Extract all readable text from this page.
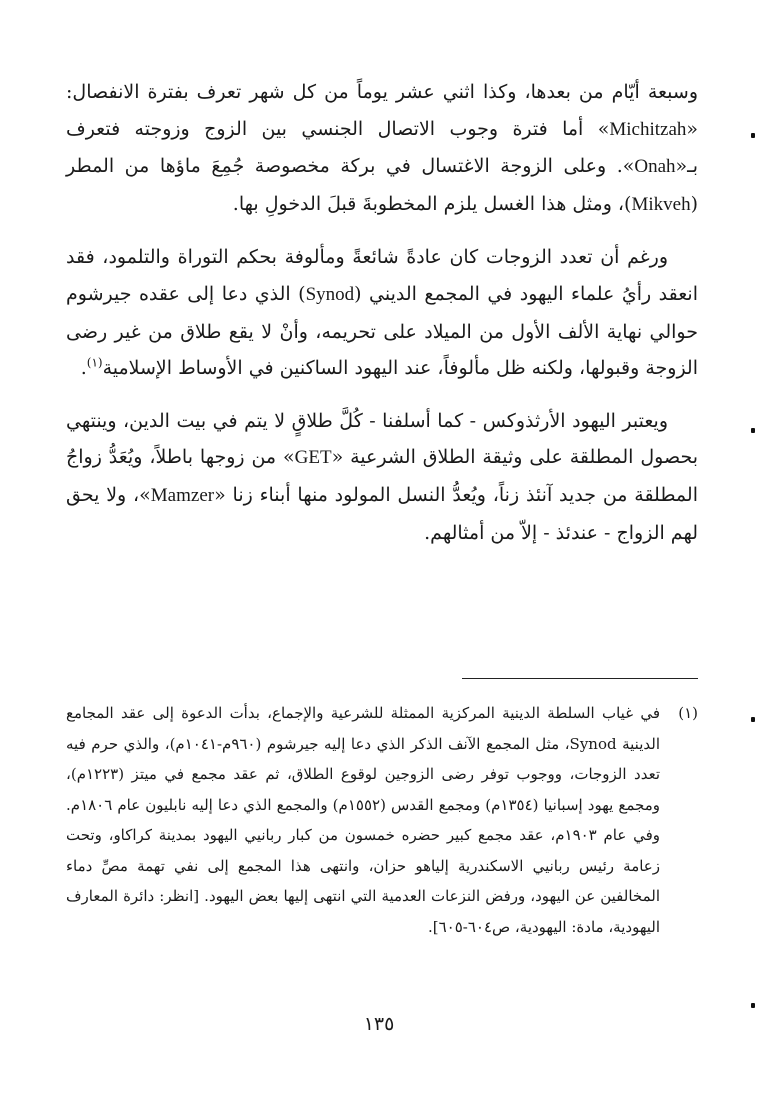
وسبعة أيّام من بعدها، وكذا اثني عشر يوماً من كل شهر تعرف بفترة الانفصال: «Michitzah» أما فترة وجوب الاتصال الجنسي بين الزوج وزوجته فتعرف بـ«Onah». وعلى الزوجة الاغتسال في بركة مخصوصة جُمِعَ ماؤها من المطر (Mikveh)، ومثل هذا الغسل يلزم المخطوبةَ قبلَ الدخولِ بها.

ورغم أن تعدد الزوجات كان عادةً شائعةً ومألوفة بحكم التوراة والتلمود، فقد انعقد رأيُ علماء اليهود في المجمع الديني (Synod) الذي دعا إلى عقده جيرشوم حوالي نهاية الألف الأول من الميلاد على تحريمه، وأنْ لا يقع طلاق من غير رضى الزوجة وقبولها، ولكنه ظل مألوفاً، عند اليهود الساكنين في الأوساط الإسلامية$^{(١)}$.

ويعتبر اليهود الأرثذوكس - كما أسلفنا - كُلَّ طلاقٍ لا يتم في بيت الدين، وينتهي بحصول المطلقة على وثيقة الطلاق الشرعية «GET» من زوجها باطلاً، ويُعَدُّ زواجُ المطلقة من جديد آنئذ زناً، ويُعدُّ النسل المولود منها أبناء زنا «Mamzer»، ولا يحق لهم الزواج - عندئذ - إلاّ من أمثالهم.

(١)
في غياب السلطة الدينية المركزية الممثلة للشرعية والإجماع، بدأت الدعوة إلى عقد المجامع الدينية Synod، مثل المجمع الآنف الذكر الذي دعا إليه جيرشوم (٩٦٠م-١٠٤١م)، والذي حرم فيه تعدد الزوجات، ووجوب توفر رضى الزوجين لوقوع الطلاق، ثم عقد مجمع في ميتز (١٢٢٣م)، ومجمع يهود إسبانيا (١٣٥٤م) ومجمع القدس (١٥٥٢م) والمجمع الذي دعا إليه نابليون عام ١٨٠٦م. وفي عام ١٩٠٣م، عقد مجمع كبير حضره خمسون من كبار ربانيي اليهود بمدينة كراكاو، وتحت زعامة رئيس ربانيي الاسكندرية إلياهو حزان، وانتهى هذا المجمع إلى نفي تهمة مصِّ دماء المخالفين عن اليهود، ورفض النزعات العدمية التي انتهى إليها بعض اليهود. [انظر: دائرة المعارف اليهودية، مادة: اليهودية، ص٦٠٤-٦٠٥].
١٣٥
